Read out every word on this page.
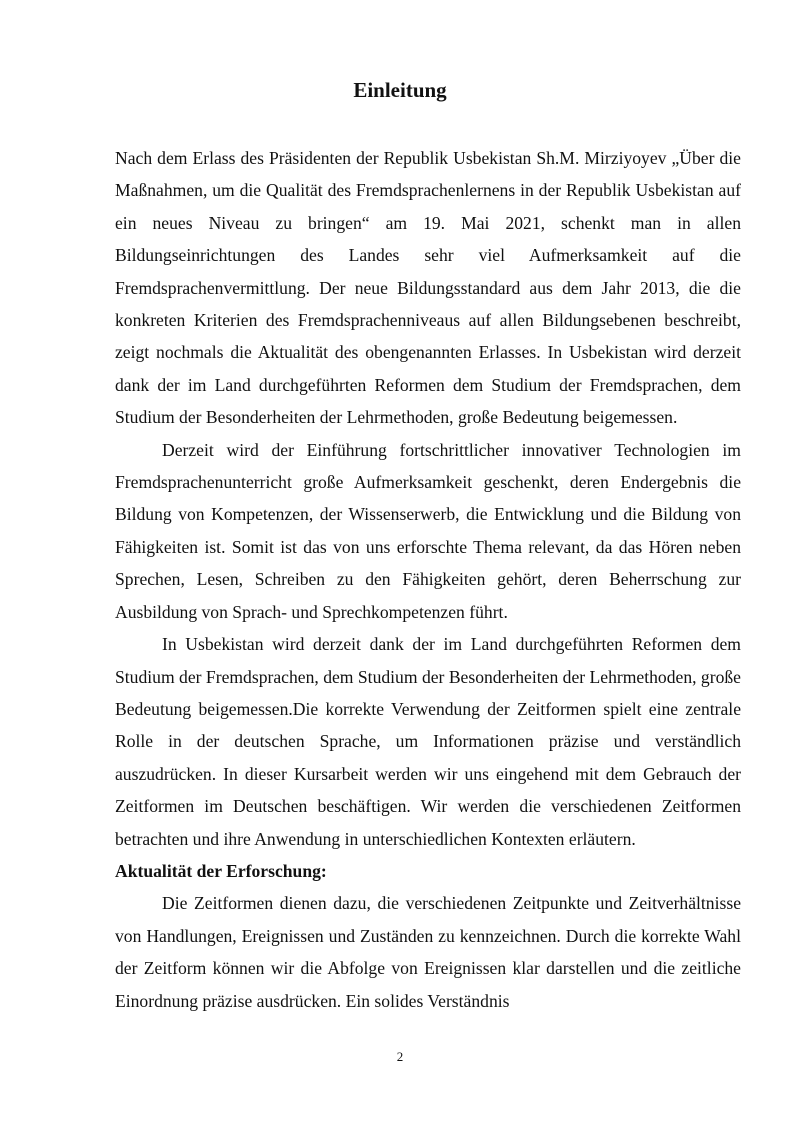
Einleitung

Nach dem Erlass des Präsidenten der Republik Usbekistan Sh.M. Mirziyoyev „Über die Maßnahmen, um die Qualität des Fremdsprachenlernens in der Republik Usbekistan auf ein neues Niveau zu bringen“ am 19. Mai 2021, schenkt man in allen Bildungseinrichtungen des Landes sehr viel Aufmerksamkeit auf die Fremdsprachenvermittlung. Der neue Bildungsstandard aus dem Jahr 2013, die die konkreten Kriterien des Fremdsprachenniveaus auf allen Bildungsebenen beschreibt, zeigt nochmals die Aktualität des obengenannten Erlasses. In Usbekistan wird derzeit dank der im Land durchgeführten Reformen dem Studium der Fremdsprachen, dem Studium der Besonderheiten der Lehrmethoden, große Bedeutung beigemessen.

Derzeit wird der Einführung fortschrittlicher innovativer Technologien im Fremdsprachenunterricht große Aufmerksamkeit geschenkt, deren Endergebnis die Bildung von Kompetenzen, der Wissenserwerb, die Entwicklung und die Bildung von Fähigkeiten ist. Somit ist das von uns erforschte Thema relevant, da das Hören neben Sprechen, Lesen, Schreiben zu den Fähigkeiten gehört, deren Beherrschung zur Ausbildung von Sprach- und Sprechkompetenzen führt.

In Usbekistan wird derzeit dank der im Land durchgeführten Reformen dem Studium der Fremdsprachen, dem Studium der Besonderheiten der Lehrmethoden, große Bedeutung beigemessen.Die korrekte Verwendung der Zeitformen spielt eine zentrale Rolle in der deutschen Sprache, um Informationen präzise und verständlich auszudrücken. In dieser Kursarbeit werden wir uns eingehend mit dem Gebrauch der Zeitformen im Deutschen beschäftigen. Wir werden die verschiedenen Zeitformen betrachten und ihre Anwendung in unterschiedlichen Kontexten erläutern.

Aktualität der Erforschung:

Die Zeitformen dienen dazu, die verschiedenen Zeitpunkte und Zeitverhältnisse von Handlungen, Ereignissen und Zuständen zu kennzeichnen. Durch die korrekte Wahl der Zeitform können wir die Abfolge von Ereignissen klar darstellen und die zeitliche Einordnung präzise ausdrücken. Ein solides Verständnis

2
